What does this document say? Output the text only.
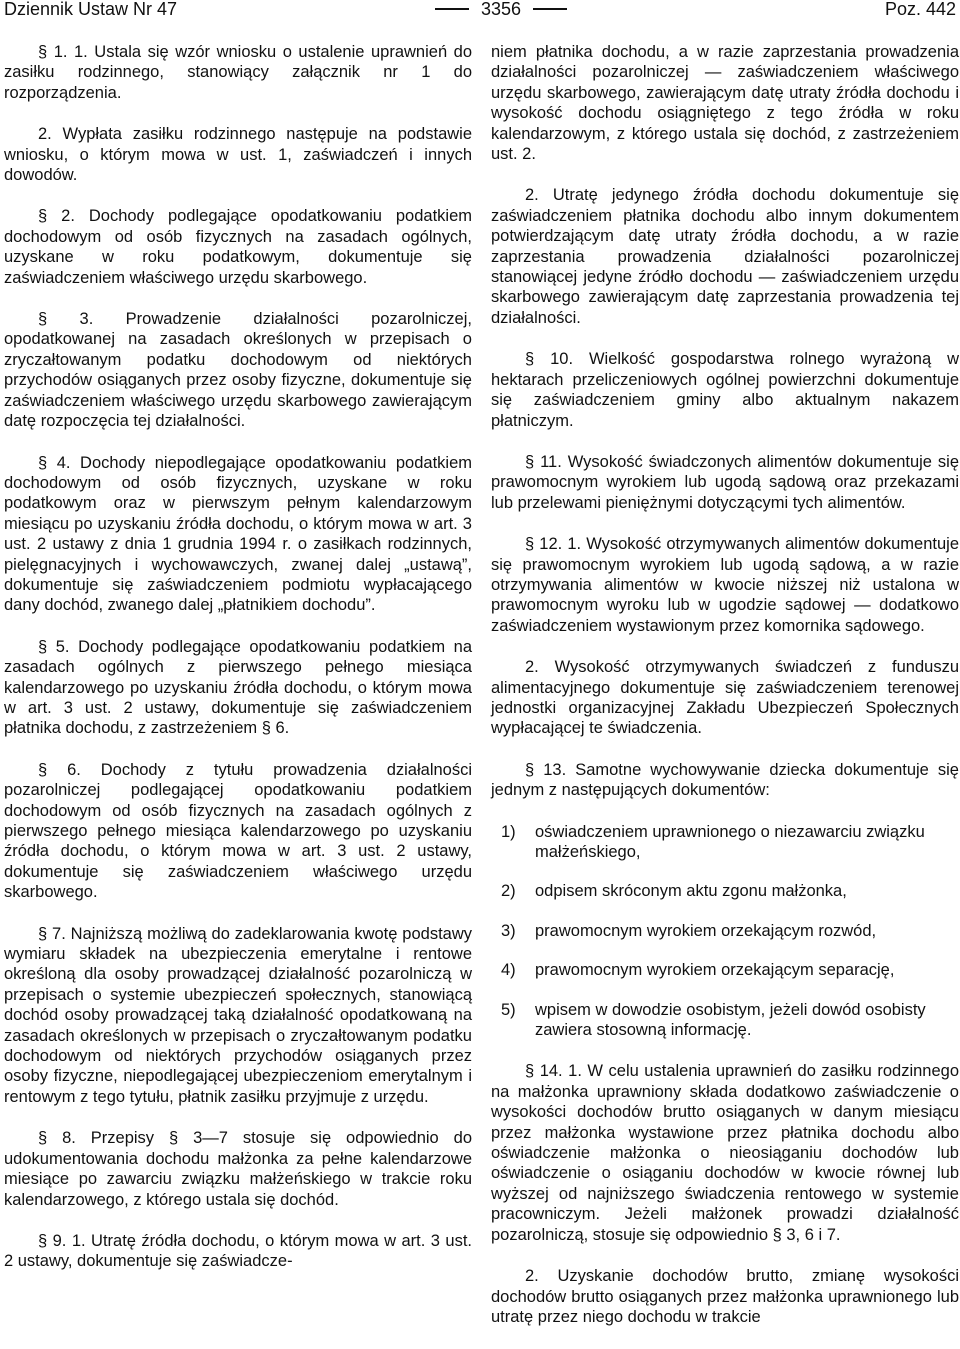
Dziennik Ustaw Nr 47	3356	Poz. 442

§ 1. 1. Ustala się wzór wniosku o ustalenie uprawnień do zasiłku rodzinnego, stanowiący załącznik nr 1 do rozporządzenia.

2. Wypłata zasiłku rodzinnego następuje na podstawie wniosku, o którym mowa w ust. 1, zaświadczeń i innych dowodów.

§ 2. Dochody podlegające opodatkowaniu podatkiem dochodowym od osób fizycznych na zasadach ogólnych, uzyskane w roku podatkowym, dokumentuje się zaświadczeniem właściwego urzędu skarbowego.

§ 3. Prowadzenie działalności pozarolniczej, opodatkowanej na zasadach określonych w przepisach o zryczałtowanym podatku dochodowym od niektórych przychodów osiąganych przez osoby fizyczne, dokumentuje się zaświadczeniem właściwego urzędu skarbowego zawierającym datę rozpoczęcia tej działalności.

§ 4. Dochody niepodlegające opodatkowaniu podatkiem dochodowym od osób fizycznych, uzyskane w roku podatkowym oraz w pierwszym pełnym kalendarzowym miesiącu po uzyskaniu źródła dochodu, o którym mowa w art. 3 ust. 2 ustawy z dnia 1 grudnia 1994 r. o zasiłkach rodzinnych, pielęgnacyjnych i wychowawczych, zwanej dalej „ustawą”, dokumentuje się zaświadczeniem podmiotu wypłacającego dany dochód, zwanego dalej „płatnikiem dochodu”.

§ 5. Dochody podlegające opodatkowaniu podatkiem na zasadach ogólnych z pierwszego pełnego miesiąca kalendarzowego po uzyskaniu źródła dochodu, o którym mowa w art. 3 ust. 2 ustawy, dokumentuje się zaświadczeniem płatnika dochodu, z zastrzeżeniem § 6.

§ 6. Dochody z tytułu prowadzenia działalności pozarolniczej podlegającej opodatkowaniu podatkiem dochodowym od osób fizycznych na zasadach ogólnych z pierwszego pełnego miesiąca kalendarzowego po uzyskaniu źródła dochodu, o którym mowa w art. 3 ust. 2 ustawy, dokumentuje się zaświadczeniem właściwego urzędu skarbowego.

§ 7. Najniższą możliwą do zadeklarowania kwotę podstawy wymiaru składek na ubezpieczenia emerytalne i rentowe określoną dla osoby prowadzącej działalność pozarolniczą w przepisach o systemie ubezpieczeń społecznych, stanowiącą dochód osoby prowadzącej taką działalność opodatkowaną na zasadach określonych w przepisach o zryczałtowanym podatku dochodowym od niektórych przychodów osiąganych przez osoby fizyczne, niepodlegającej ubezpieczeniom emerytalnym i rentowym z tego tytułu, płatnik zasiłku przyjmuje z urzędu.

§ 8. Przepisy § 3—7 stosuje się odpowiednio do udokumentowania dochodu małżonka za pełne kalendarzowe miesiące po zawarciu związku małżeńskiego w trakcie roku kalendarzowego, z którego ustala się dochód.

§ 9. 1. Utratę źródła dochodu, o którym mowa w art. 3 ust. 2 ustawy, dokumentuje się zaświadcze-

niem płatnika dochodu, a w razie zaprzestania prowadzenia działalności pozarolniczej — zaświadczeniem właściwego urzędu skarbowego, zawierającym datę utraty źródła dochodu i wysokość dochodu osiągniętego z tego źródła w roku kalendarzowym, z którego ustala się dochód, z zastrzeżeniem ust. 2.

2. Utratę jedynego źródła dochodu dokumentuje się zaświadczeniem płatnika dochodu albo innym dokumentem potwierdzającym datę utraty źródła dochodu, a w razie zaprzestania prowadzenia działalności pozarolniczej stanowiącej jedyne źródło dochodu — zaświadczeniem urzędu skarbowego zawierającym datę zaprzestania prowadzenia tej działalności.

§ 10. Wielkość gospodarstwa rolnego wyrażoną w hektarach przeliczeniowych ogólnej powierzchni dokumentuje się zaświadczeniem gminy albo aktualnym nakazem płatniczym.

§ 11. Wysokość świadczonych alimentów dokumentuje się prawomocnym wyrokiem lub ugodą sądową oraz przekazami lub przelewami pieniężnymi dotyczącymi tych alimentów.

§ 12. 1. Wysokość otrzymywanych alimentów dokumentuje się prawomocnym wyrokiem lub ugodą sądową, a w razie otrzymywania alimentów w kwocie niższej niż ustalona w prawomocnym wyroku lub w ugodzie sądowej — dodatkowo zaświadczeniem wystawionym przez komornika sądowego.

2. Wysokość otrzymywanych świadczeń z funduszu alimentacyjnego dokumentuje się zaświadczeniem terenowej jednostki organizacyjnej Zakładu Ubezpieczeń Społecznych wypłacającej te świadczenia.

§ 13. Samotne wychowywanie dziecka dokumentuje się jednym z następujących dokumentów:

1) oświadczeniem uprawnionego o niezawarciu związku małżeńskiego,
2) odpisem skróconym aktu zgonu małżonka,
3) prawomocnym wyrokiem orzekającym rozwód,
4) prawomocnym wyrokiem orzekającym separację,
5) wpisem w dowodzie osobistym, jeżeli dowód osobisty zawiera stosowną informację.

§ 14. 1. W celu ustalenia uprawnień do zasiłku rodzinnego na małżonka uprawniony składa dodatkowo zaświadczenie o wysokości dochodów brutto osiąganych w danym miesiącu przez małżonka wystawione przez płatnika dochodu albo oświadczenie małżonka o nieosiąganiu dochodów lub oświadczenie o osiąganiu dochodów w kwocie równej lub wyższej od najniższego świadczenia rentowego w systemie pracowniczym. Jeżeli małżonek prowadzi działalność pozarolniczą, stosuje się odpowiednio § 3, 6 i 7.

2. Uzyskanie dochodów brutto, zmianę wysokości dochodów brutto osiąganych przez małżonka uprawnionego lub utratę przez niego dochodu w trakcie
